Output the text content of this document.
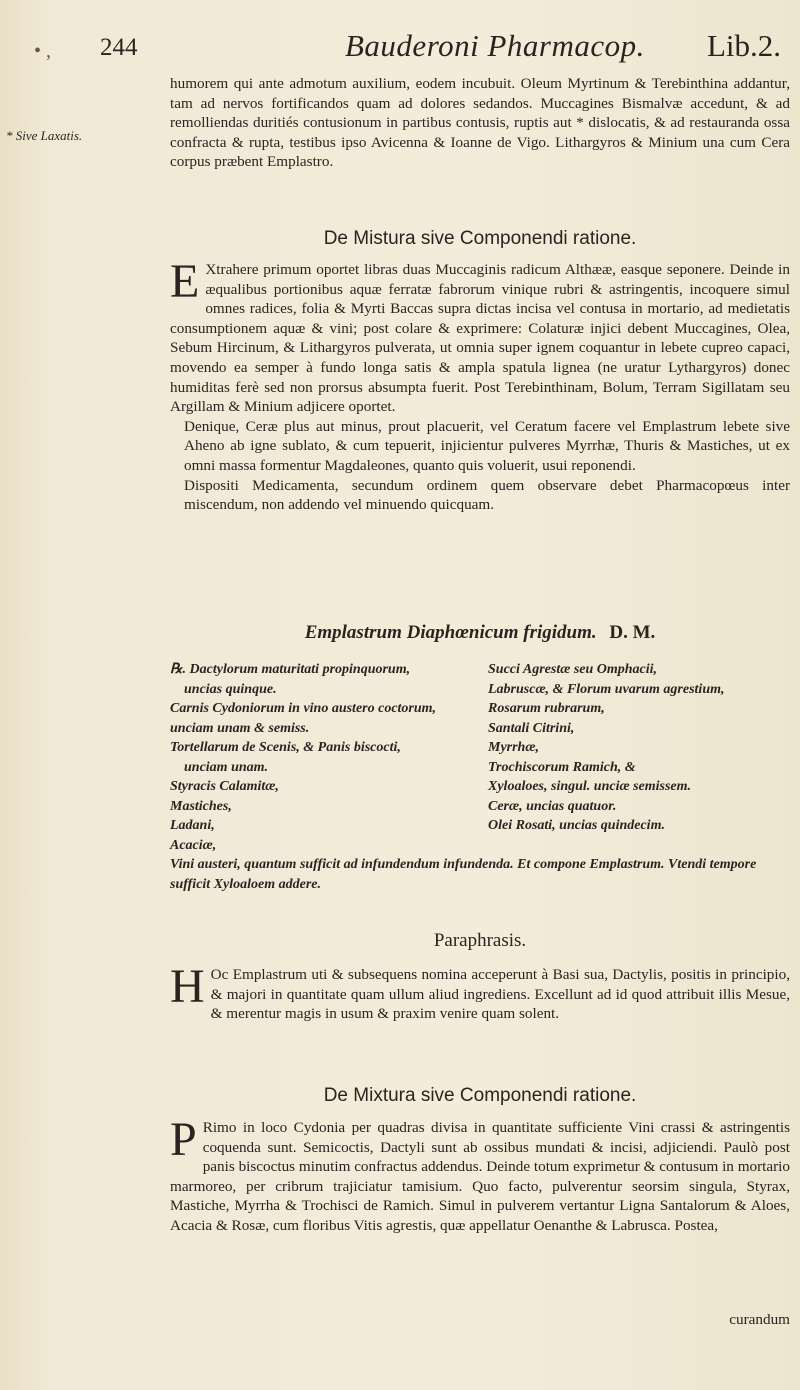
• , 244	Bauderoni Pharmacop. Lib.2.
* Sive Laxatis.

humorem qui ante admotum auxilium, eodem incubuit. Oleum Myrtinum & Terebinthina addantur, tam ad nervos fortificandos quam ad dolores sedandos. Muccagines Bismalvæ accedunt, & ad remolliendas duritiés contusionum in partibus contusis, ruptis aut * dislocatis, & ad restauranda ossa confracta & rupta, testibus ipso Avicenna & Ioanne de Vigo. Lithargyros & Minium una cum Cera corpus præbent Emplastro.

De Mistura sive Componendi ratione.

E Xtrahere primum oportet libras duas Muccaginis radicum Althææ, easque seponere. Deinde in æqualibus portionibus aquæ ferratæ fabrorum vinique rubri & astringentis, incoquere simul omnes radices, folia & Myrti Baccas supra dictas incisa vel contusa in mortario, ad medietatis consumptionem aquæ & vini; post colare & exprimere: Colaturæ injici debent Muccagines, Olea, Sebum Hircinum, & Lithargyros pulverata, ut omnia super ignem coquantur in lebete cupreo capaci, movendo ea semper à fundo longa satis & ampla spatula lignea (ne uratur Lythargyros) donec humiditas ferè sed non prorsus absumpta fuerit. Post Terebinthinam, Bolum, Terram Sigillatam seu Argillam & Minium adjicere oportet.

Denique, Ceræ plus aut minus, prout placuerit, vel Ceratum facere vel Emplastrum lebete sive Aheno ab igne sublato, & cum tepuerit, injicientur pulveres Myrrhæ, Thuris & Mastiches, ut ex omni massa formentur Magdaleones, quanto quis voluerit, usui reponendi.

Dispositi Medicamenta, secundum ordinem quem observare debet Pharmacopœus inter miscendum, non addendo vel minuendo quicquam.

Emplastrum Diaphœnicum frigidum. D. M.
℞. Dactylorum maturitati propinquorum,
uncias quinque.
Carnis Cydoniorum in vino austero coctorum, unciam unam & semiss.
Tortellarum de Scenis, & Panis biscocti,
unciam unam.
Styracis Calamitæ,
Mastiches,
Ladani,
Acaciæ,
Succi Agrestæ seu Omphacii,
Labruscæ, & Florum uvarum agrestium,
Rosarum rubrarum,
Santali Citrini,
Myrrhæ,
Trochiscorum Ramich, &
Xyloaloes, singul. unciæ semissem.
Ceræ, uncias quatuor.
Olei Rosati, uncias quindecim.
Vini austeri, quantum sufficit ad infundendum infundenda. Et compone Emplastrum. Vtendi tempore sufficit Xyloaloem addere.
Paraphrasis.

H Oc Emplastrum uti & subsequens nomina acceperunt à Basi sua, Dactylis, positis in principio, & majori in quantitate quam ullum aliud ingrediens. Excellunt ad id quod attribuit illis Mesue, & merentur magis in usum & praxim venire quam solent.

De Mixtura sive Componendi ratione.

P Rimo in loco Cydonia per quadras divisa in quantitate sufficiente Vini crassi & astringentis coquenda sunt. Semicoctis, Dactyli sunt ab ossibus mundati & incisi, adjiciendi. Paulò post panis biscoctus minutim confractus addendus. Deinde totum exprimetur & contusum in mortario marmoreo, per cribrum trajiciatur tamisium. Quo facto, pulverentur seorsim singula, Styrax, Mastiche, Myrrha & Trochisci de Ramich. Simul in pulverem vertantur Ligna Santalorum & Aloes, Acacia & Rosæ, cum floribus Vitis agrestis, quæ appellatur Oenanthe & Labrusca. Postea,

curandum
